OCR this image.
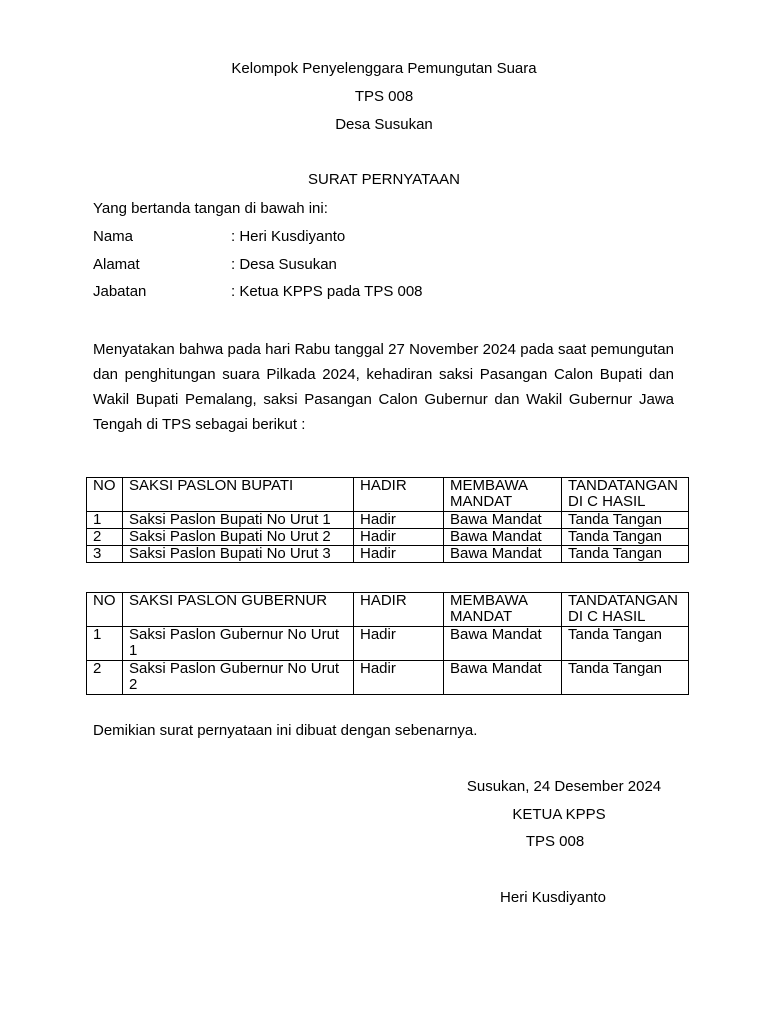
Kelompok Penyelenggara Pemungutan Suara
TPS 008
Desa Susukan
SURAT PERNYATAAN
Yang bertanda tangan di bawah ini:
Nama	: Heri Kusdiyanto
Alamat	: Desa Susukan
Jabatan	: Ketua KPPS pada TPS 008
Menyatakan bahwa pada hari Rabu tanggal 27 November 2024 pada saat pemungutan dan penghitungan suara Pilkada 2024, kehadiran saksi Pasangan Calon Bupati dan Wakil Bupati Pemalang, saksi Pasangan Calon Gubernur dan Wakil Gubernur Jawa Tengah di TPS sebagai berikut :
NO	SAKSI PASLON BUPATI	HADIR	MEMBAWA MANDAT	TANDATANGAN DI C HASIL
1	Saksi Paslon Bupati No Urut 1	Hadir	Bawa Mandat	Tanda Tangan
2	Saksi Paslon Bupati No Urut 2	Hadir	Bawa Mandat	Tanda Tangan
3	Saksi Paslon Bupati No Urut 3	Hadir	Bawa Mandat	Tanda Tangan
NO	SAKSI PASLON GUBERNUR	HADIR	MEMBAWA MANDAT	TANDATANGAN DI C HASIL
1	Saksi Paslon Gubernur No Urut 1	Hadir	Bawa Mandat	Tanda Tangan
2	Saksi Paslon Gubernur No Urut 2	Hadir	Bawa Mandat	Tanda Tangan
Demikian surat pernyataan ini dibuat dengan sebenarnya.
Susukan, 24 Desember 2024
KETUA KPPS
TPS 008
Heri Kusdiyanto
